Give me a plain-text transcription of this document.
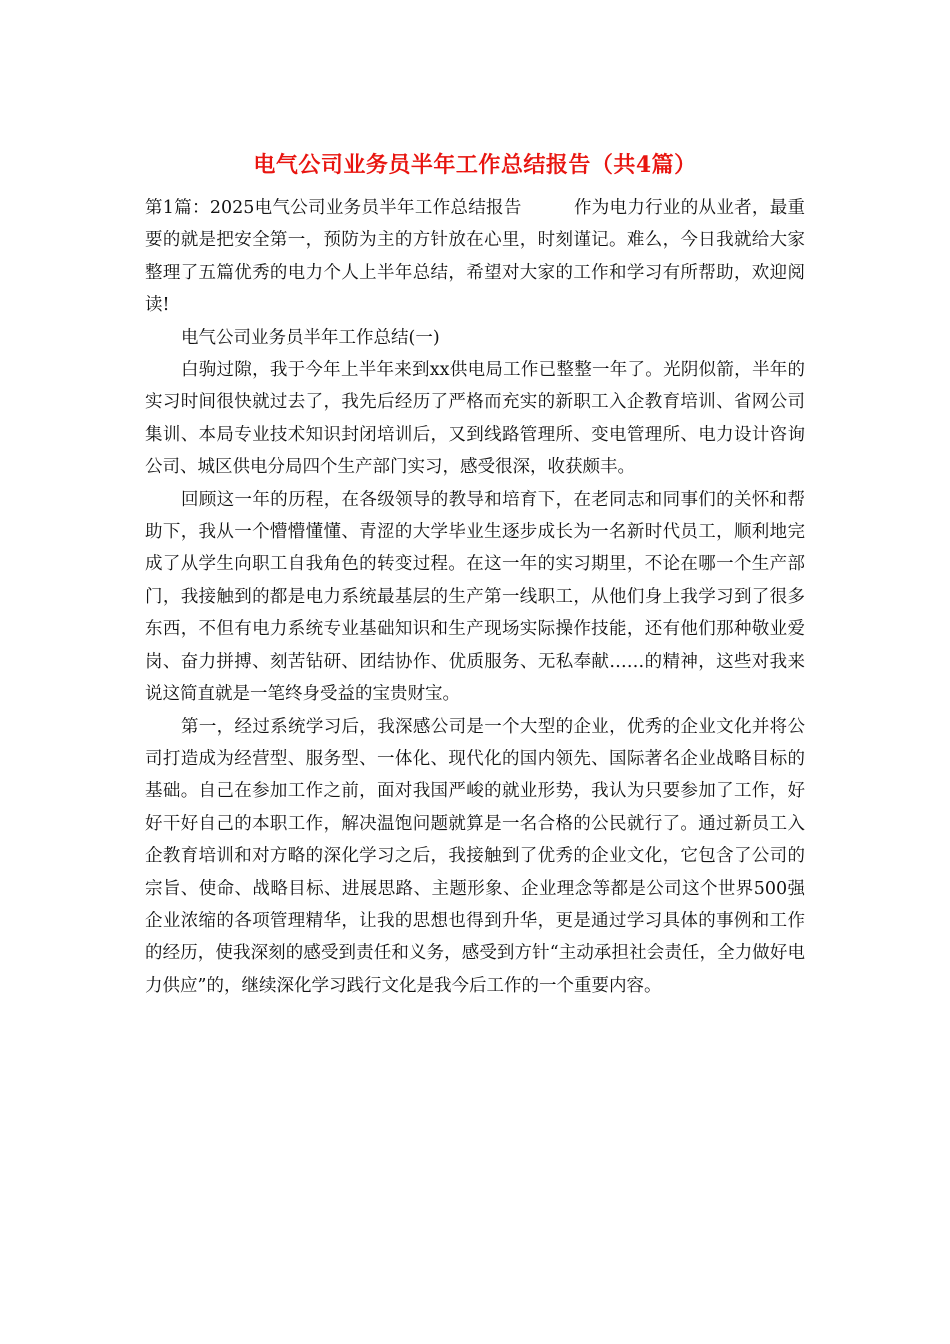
电气公司业务员半年工作总结报告（共4篇）

第1篇：2025电气公司业务员半年工作总结报告	作为电力行业的从业者，最重要的就是把安全第一，预防为主的方针放在心里，时刻谨记。难么，今日我就给大家整理了五篇优秀的电力个人上半年总结，希望对大家的工作和学习有所帮助，欢迎阅读!

电气公司业务员半年工作总结(一)

白驹过隙，我于今年上半年来到xx供电局工作已整整一年了。光阴似箭，半年的实习时间很快就过去了，我先后经历了严格而充实的新职工入企教育培训、省网公司集训、本局专业技术知识封闭培训后，又到线路管理所、变电管理所、电力设计咨询公司、城区供电分局四个生产部门实习，感受很深，收获颇丰。

回顾这一年的历程，在各级领导的教导和培育下，在老同志和同事们的关怀和帮助下，我从一个懵懵懂懂、青涩的大学毕业生逐步成长为一名新时代员工，顺利地完成了从学生向职工自我角色的转变过程。在这一年的实习期里，不论在哪一个生产部门，我接触到的都是电力系统最基层的生产第一线职工，从他们身上我学习到了很多东西，不但有电力系统专业基础知识和生产现场实际操作技能，还有他们那种敬业爱岗、奋力拼搏、刻苦钻研、团结协作、优质服务、无私奉献……的精神，这些对我来说这简直就是一笔终身受益的宝贵财宝。

第一，经过系统学习后，我深感公司是一个大型的企业，优秀的企业文化并将公司打造成为经营型、服务型、一体化、现代化的国内领先、国际著名企业战略目标的基础。自己在参加工作之前，面对我国严峻的就业形势，我认为只要参加了工作，好好干好自己的本职工作，解决温饱问题就算是一名合格的公民就行了。通过新员工入企教育培训和对方略的深化学习之后，我接触到了优秀的企业文化，它包含了公司的宗旨、使命、战略目标、进展思路、主题形象、企业理念等都是公司这个世界500强企业浓缩的各项管理精华，让我的思想也得到升华，更是通过学习具体的事例和工作的经历，使我深刻的感受到责任和义务，感受到方针“主动承担社会责任，全力做好电力供应”的，继续深化学习践行文化是我今后工作的一个重要内容。
